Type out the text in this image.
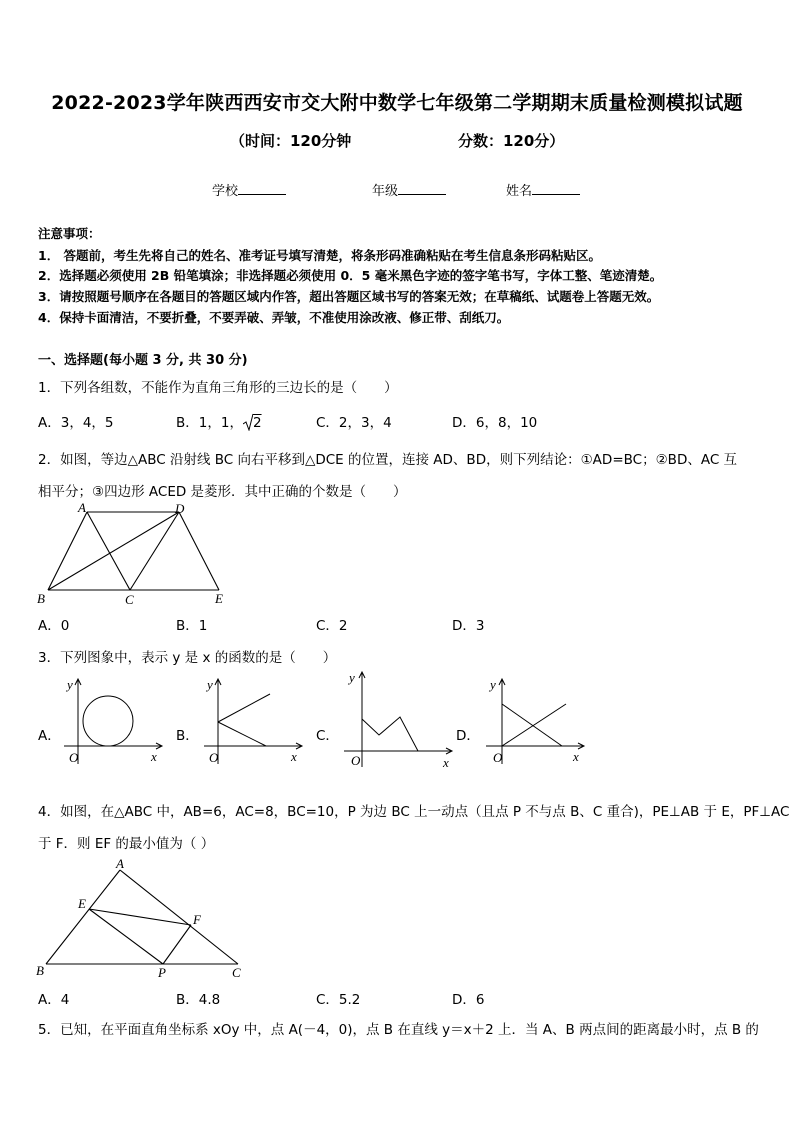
2022-2023学年陕西西安市交大附中数学七年级第二学期期末质量检测模拟试题
（时间：120分钟	分数：120分）
学校	年级	姓名
注意事项：
1． 答题前，考生先将自己的姓名、准考证号填写清楚，将条形码准确粘贴在考生信息条形码粘贴区。
2．选择题必须使用 2B 铅笔填涂；非选择题必须使用 0．5 毫米黑色字迹的签字笔书写，字体工整、笔迹清楚。
3．请按照题号顺序在各题目的答题区域内作答，超出答题区域书写的答案无效；在草稿纸、试题卷上答题无效。
4．保持卡面清洁，不要折叠，不要弄破、弄皱，不准使用涂改液、修正带、刮纸刀。
一、选择题(每小题 3 分, 共 30 分)
1．下列各组数，不能作为直角三角形的三边长的是（　　）
A．3，4，5	B．1，1， 2	C．2，3，4	D．6，8，10
2．如图，等边△ABC 沿射线 BC 向右平移到△DCE 的位置，连接 AD、BD，则下列结论：①AD=BC；②BD、AC 互
相平分；③四边形 ACED 是菱形．其中正确的个数是（　　）
A	D
B	C	E
A．0	B．1	C．2	D．3
3．下列图象中，表示 y 是 x 的函数的是（　　）
A．
y
x
O
B．
y
x
O
C．
y
x
O
D．
y
x
O
4．如图，在△ABC 中，AB=6，AC=8，BC=10，P 为边 BC 上一动点（且点 P 不与点 B、C 重合)，PE⊥AB 于 E，PF⊥AC
于 F．则 EF 的最小值为（ ）
A
E
F
B	P	C
A．4	B．4.8	C．5.2	D．6
5．已知，在平面直角坐标系 xOy 中，点 A(－4，0)，点 B 在直线 y＝x＋2 上．当 A、B 两点间的距离最小时，点 B 的
